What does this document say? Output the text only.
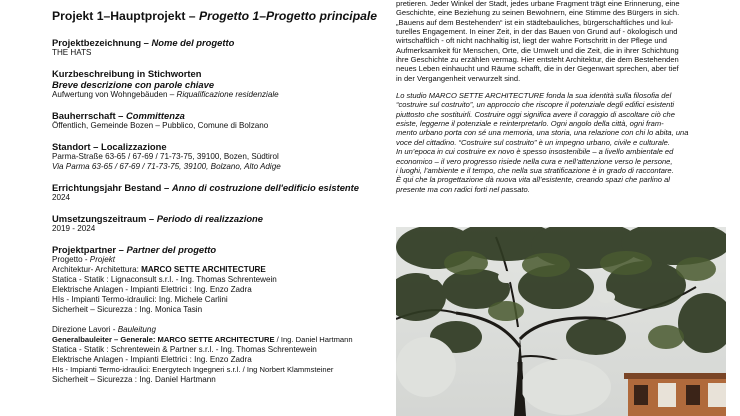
Projekt 1–Hauptprojekt – Progetto 1–Progetto principale
Projektbezeichnung – Nome del progetto
THE HATS
Kurzbeschreibung in Stichworten
Breve descrizione con parole chiave
Aufwertung von Wohngebäuden – Riqualificazione residenziale
Bauherrschaft – Committenza
Öffentlich, Gemeinde Bozen – Pubblico, Comune di Bolzano
Standort – Localizzazione
Parma-Straße 63-65 / 67-69 / 71-73-75, 39100, Bozen, Südtirol
Via Parma 63-65 / 67-69 / 71-73-75, 39100, Bolzano, Alto Adige
Errichtungsjahr Bestand – Anno di costruzione dell'edificio esistente
2024
Umsetzungszeitraum – Periodo di realizzazione
2019 - 2024
Projektpartner – Partner del progetto
Progetto - Projekt
Architektur- Architettura: MARCO SETTE ARCHITECTURE
Statica - Statik : Lignaconsult s.r.l. - Ing. Thomas Schrentewein
Elektrische Anlagen - Impianti Elettrici : Ing. Enzo Zadra
HIs - Impianti Termo-idraulici: Ing. Michele Carlini
Sicherheit – Sicurezza : Ing. Monica Tasin
Direzione Lavori - Bauleitung
Generalbauleiter – Generale: MARCO SETTE ARCHITECTURE / Ing. Daniel Hartmann
Statica - Statik : Schrentewein & Partner s.r.l. - Ing. Thomas Schrentewein
Elektrische Anlagen - Impianti Elettrici : Ing. Enzo Zadra
HIs - Impianti Termo-idraulici: Energytech Ingegneri s.r.l. / Ing Norbert Klammsteiner
Sicherheit – Sicurezza : Ing. Daniel Hartmann

pretieren. Jeder Winkel der Stadt, jedes urbane Fragment trägt eine Erinnerung, eine

Geschichte, eine Beziehung zu seinen Bewohnern, eine Stimme des Bürgers in sich.

„Bauens auf dem Bestehenden“ ist ein städtebauliches, bürgerschaftliches und kul-

turelles Engagement. In einer Zeit, in der das Bauen von Grund auf - ökologisch und

wirtschaftlich - oft nicht nachhaltig ist, liegt der wahre Fortschritt in der Pflege und

Aufmerksamkeit für Menschen, Orte, die Umwelt und die Zeit, die in ihrer Schichtung

ihre Geschichte zu erzählen vermag. Hier entsteht Architektur, die dem Bestehenden

neues Leben einhaucht und Räume schafft, die in der Gegenwart sprechen, aber tief

in der Vergangenheit verwurzelt sind.

Lo studio MARCO SETTE ARCHITECTURE fonda la sua identità sulla filosofia del

“costruire sul costruito”, un approccio che riscopre il potenziale degli edifici esistenti

piuttosto che sostituirli. Costruire oggi significa avere il coraggio di ascoltare ciò che

esiste, leggerne il potenziale e reinterpretarlo. Ogni angolo della città, ogni fram-

mento urbano porta con sé una memoria, una storia, una relazione con chi lo abita, una

voce del cittadino. “Costruire sul costruito” è un impegno urbano, civile e culturale.

In un’epoca in cui costruire ex novo è spesso insostenibile – a livello ambientale ed

economico – il vero progresso risiede nella cura e nell’attenzione verso le persone,

i luoghi, l’ambiente e il tempo, che nella sua stratificazione è in grado di raccontare.

È qui che la progettazione dà nuova vita all’esistente, creando spazi che parlino al

presente ma con radici forti nel passato.
